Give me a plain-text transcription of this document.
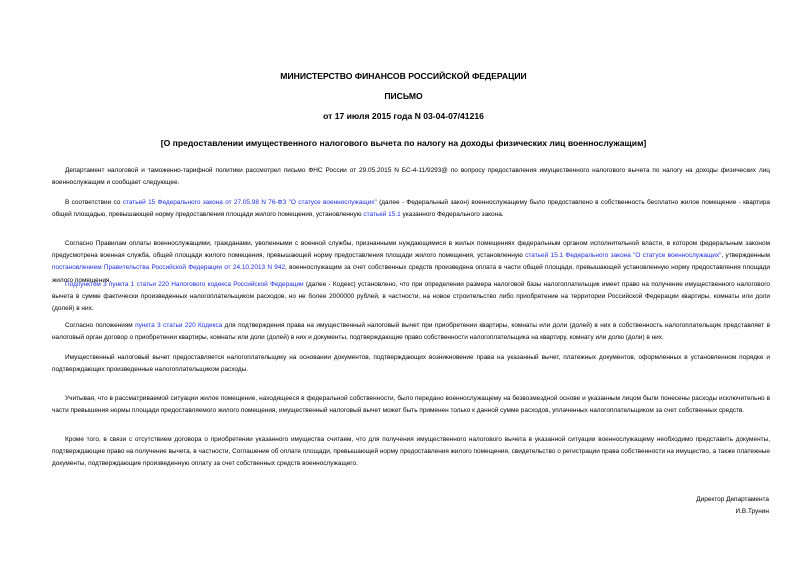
МИНИСТЕРСТВО ФИНАНСОВ РОССИЙСКОЙ ФЕДЕРАЦИИ
ПИСЬМО
от 17 июля 2015 года N 03-04-07/41216
[О предоставлении имущественного налогового вычета по налогу на доходы физических лиц военнослужащим]
Департамент налоговой и таможенно-тарифной политики рассмотрел письмо ФНС России от 29.05.2015 N БС-4-11/9293@ по вопросу предоставления имущественного налогового вычета по налогу на доходы физических лиц военнослужащим и сообщает следующее.
В соответствии со статьей 15 Федерального закона от 27.05.98 N 76-ФЗ "О статусе военнослужащих" (далее - Федеральный закон) военнослужащему было предоставлено в собственность бесплатно жилое помещение - квартира общей площадью, превышающей норму предоставления площади жилого помещения, установленную статьей 15.1 указанного Федерального закона.
Согласно Правилам оплаты военнослужащими, гражданами, уволенными с военной службы, признанными нуждающимися в жилых помещениях федеральным органом исполнительной власти, в котором федеральным законом предусмотрена военная служба, общей площади жилого помещения, превышающей норму предоставления площади жилого помещения, установленную статьей 15.1 Федерального закона "О статусе военнослужащих", утвержденным постановлением Правительства Российской Федерации от 24.10.2013 N 942, военнослужащим за счет собственных средств произведена оплата в части общей площади, превышающей установленную норму предоставления площади жилого помещения.
Подпунктом 3 пункта 1 статьи 220 Налогового кодекса Российской Федерации (далее - Кодекс) установлено, что при определении размера налоговой базы налогоплательщик имеет право на получение имущественного налогового вычета в сумме фактически произведенных налогоплательщиком расходов, но не более 2000000 рублей, в частности, на новое строительство либо приобретение на территории Российской Федерации квартиры, комнаты или доли (долей) в них.
Согласно положениям пункта 3 статьи 220 Кодекса для подтверждения права на имущественный налоговый вычет при приобретении квартиры, комнаты или доли (долей) в них в собственность налогоплательщик представляет в налоговый орган договор о приобретении квартиры, комнаты или доли (долей) в них и документы, подтверждающие право собственности налогоплательщика на квартиру, комнату или долю (доли) в них.
Имущественный налоговый вычет предоставляется налогоплательщику на основании документов, подтверждающих возникновение права на указанный вычет, платежных документов, оформленных в установленном порядке и подтверждающих произведенные налогоплательщиком расходы.
Учитывая, что в рассматриваемой ситуации жилое помещение, находящееся в федеральной собственности, было передано военнослужащему на безвозмездной основе и указанным лицом были понесены расходы исключительно в части превышения нормы площади предоставляемого жилого помещения, имущественный налоговый вычет может быть применен только к данной сумме расходов, уплаченных налогоплательщиком за счет собственных средств.
Кроме того, в связи с отсутствием договора о приобретении указанного имущества считаем, что для получения имущественного налогового вычета в указанной ситуации военнослужащему необходимо представить документы, подтверждающие право на получение вычета, в частности, Соглашение об оплате площади, превышающей норму предоставления жилого помещения, свидетельство о регистрации права собственности на имущество, а также платежные документы, подтверждающие произведенную оплату за счет собственных средств военнослужащего.
Директор Департамента
И.В.Трунин
